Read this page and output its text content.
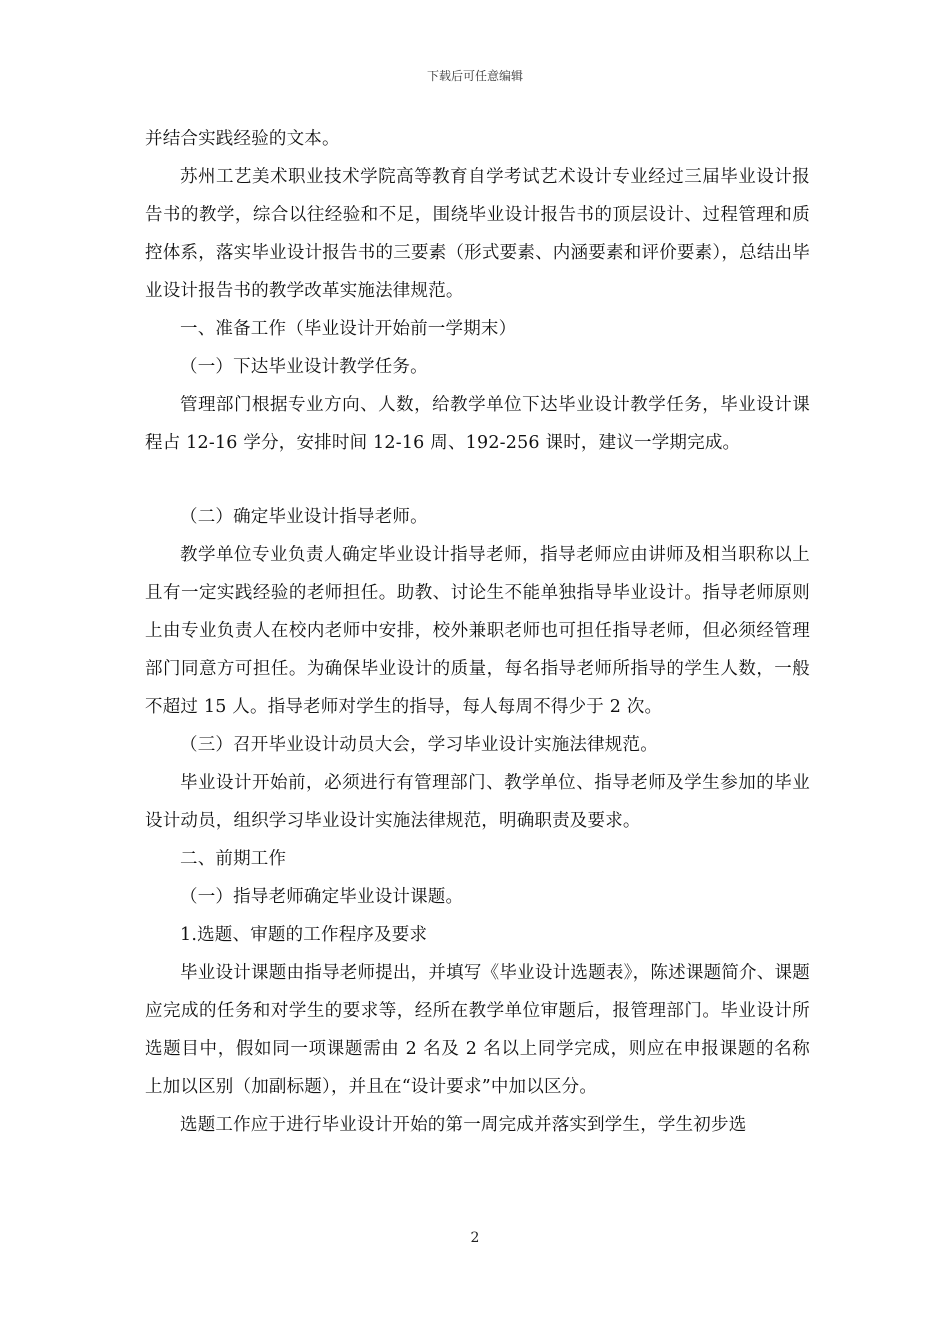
下载后可任意编辑

并结合实践经验的文本。

苏州工艺美术职业技术学院高等教育自学考试艺术设计专业经过三届毕业设计报告书的教学，综合以往经验和不足，围绕毕业设计报告书的顶层设计、过程管理和质控体系，落实毕业设计报告书的三要素（形式要素、内涵要素和评价要素），总结出毕业设计报告书的教学改革实施法律规范。

一、准备工作（毕业设计开始前一学期末）

（一）下达毕业设计教学任务。

管理部门根据专业方向、人数，给教学单位下达毕业设计教学任务，毕业设计课程占 12-16 学分，安排时间 12-16 周、192-256 课时，建议一学期完成。

（二）确定毕业设计指导老师。

教学单位专业负责人确定毕业设计指导老师，指导老师应由讲师及相当职称以上且有一定实践经验的老师担任。助教、讨论生不能单独指导毕业设计。指导老师原则上由专业负责人在校内老师中安排，校外兼职老师也可担任指导老师，但必须经管理部门同意方可担任。为确保毕业设计的质量，每名指导老师所指导的学生人数，一般不超过 15 人。指导老师对学生的指导，每人每周不得少于 2 次。

（三）召开毕业设计动员大会，学习毕业设计实施法律规范。

毕业设计开始前，必须进行有管理部门、教学单位、指导老师及学生参加的毕业设计动员，组织学习毕业设计实施法律规范，明确职责及要求。

二、前期工作

（一）指导老师确定毕业设计课题。

1.选题、审题的工作程序及要求

毕业设计课题由指导老师提出，并填写《毕业设计选题表》，陈述课题简介、课题应完成的任务和对学生的要求等，经所在教学单位审题后，报管理部门。毕业设计所选题目中，假如同一项课题需由 2 名及 2 名以上同学完成，则应在申报课题的名称上加以区别（加副标题），并且在“设计要求”中加以区分。

选题工作应于进行毕业设计开始的第一周完成并落实到学生，学生初步选

2
